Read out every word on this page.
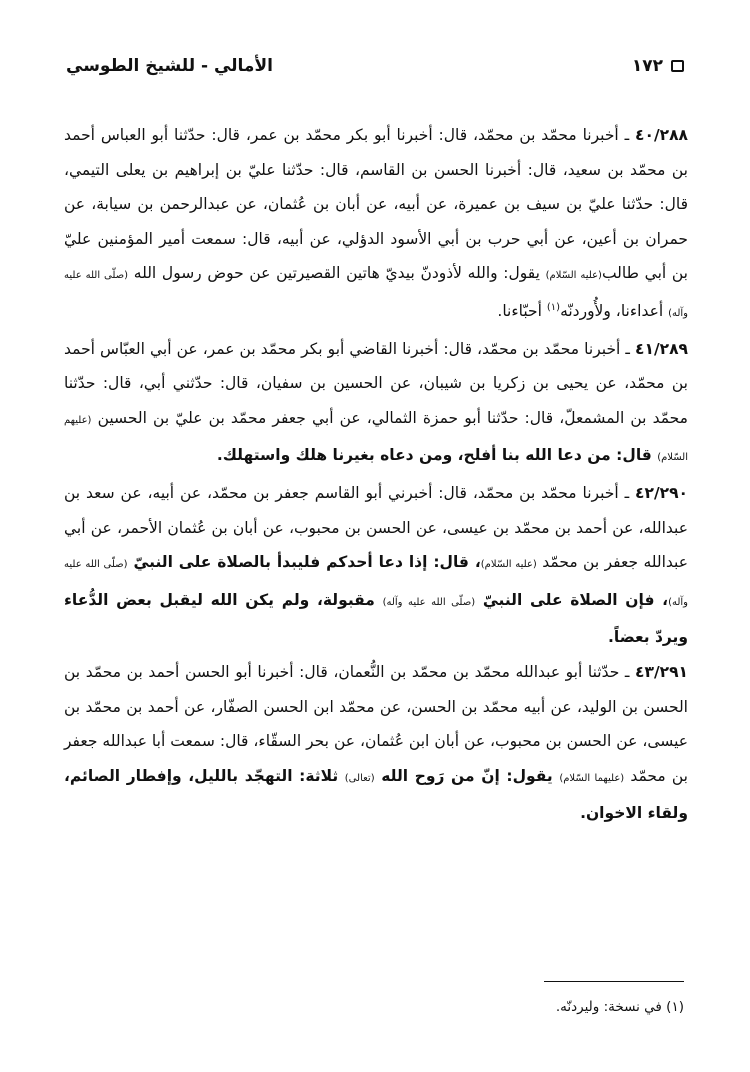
١٧٢
الأمالي - للشيخ الطوسي

٤٠/٢٨٨ ـ أخبرنا محمّد بن محمّد، قال: أخبرنا أبو بكر محمّد بن عمر، قال: حدّثنا أبو العباس أحمد بن محمّد بن سعيد، قال: أخبرنا الحسن بن القاسم، قال: حدّثنا عليّ بن إبراهيم بن يعلى التيمي، قال: حدّثنا عليّ بن سيف بن عميرة، عن أبيه، عن أبان بن عُثمان، عن عبدالرحمن بن سيابة، عن حمران بن أعين، عن أبي حرب بن أبي الأسود الدؤلي، عن أبيه، قال: سمعت أمير المؤمنين عليّ بن أبي طالب(عليه السّلام) يقول: والله لأذودنّ بيديّ هاتين القصيرتين عن حوض رسول الله (صلّى الله عليه وآله) أعداءنا، ولأُوردنّه$^{(١)}$ أحبّاءنا.

٤١/٢٨٩ ـ أخبرنا محمّد بن محمّد، قال: أخبرنا القاضي أبو بكر محمّد بن عمر، عن أبي العبّاس أحمد بن محمّد، عن يحيى بن زكريا بن شيبان، عن الحسين بن سفيان، قال: حدّثني أبي، قال: حدّثنا محمّد بن المشمعلّ، قال: حدّثنا أبو حمزة الثمالي، عن أبي جعفر محمّد بن عليّ بن الحسين (عليهم السّلام) قال: من دعا الله بنا أفلح، ومن دعاه بغيرنا هلك واستهلك.

٤٢/٢٩٠ ـ أخبرنا محمّد بن محمّد، قال: أخبرني أبو القاسم جعفر بن محمّد، عن أبيه، عن سعد بن عبدالله، عن أحمد بن محمّد بن عيسى، عن الحسن بن محبوب، عن أبان بن عُثمان الأحمر، عن أبي عبدالله جعفر بن محمّد (عليه السّلام)، قال: إذا دعا أحدكم فليبدأ بالصلاة على النبيّ (صلّى الله عليه وآله)، فإن الصلاة على النبيّ (صلّى الله عليه وآله) مقبولة، ولم يكن الله ليقبل بعض الدُّعاء ويردّ بعضاً.

٤٣/٢٩١ ـ حدّثنا أبو عبدالله محمّد بن محمّد بن النُّعمان، قال: أخبرنا أبو الحسن أحمد بن محمّد بن الحسن بن الوليد، عن أبيه محمّد بن الحسن، عن محمّد ابن الحسن الصفّار، عن أحمد بن محمّد بن عيسى، عن الحسن بن محبوب، عن أبان ابن عُثمان، عن بحر السقّاء، قال: سمعت أبا عبدالله جعفر بن محمّد (عليهما السّلام) يقول: إنّ من رَوح الله (تعالى) ثلاثة: التهجّد بالليل، وإفطار الصائم، ولقاء الاخوان.

(١) في نسخة: وليردنّه.
